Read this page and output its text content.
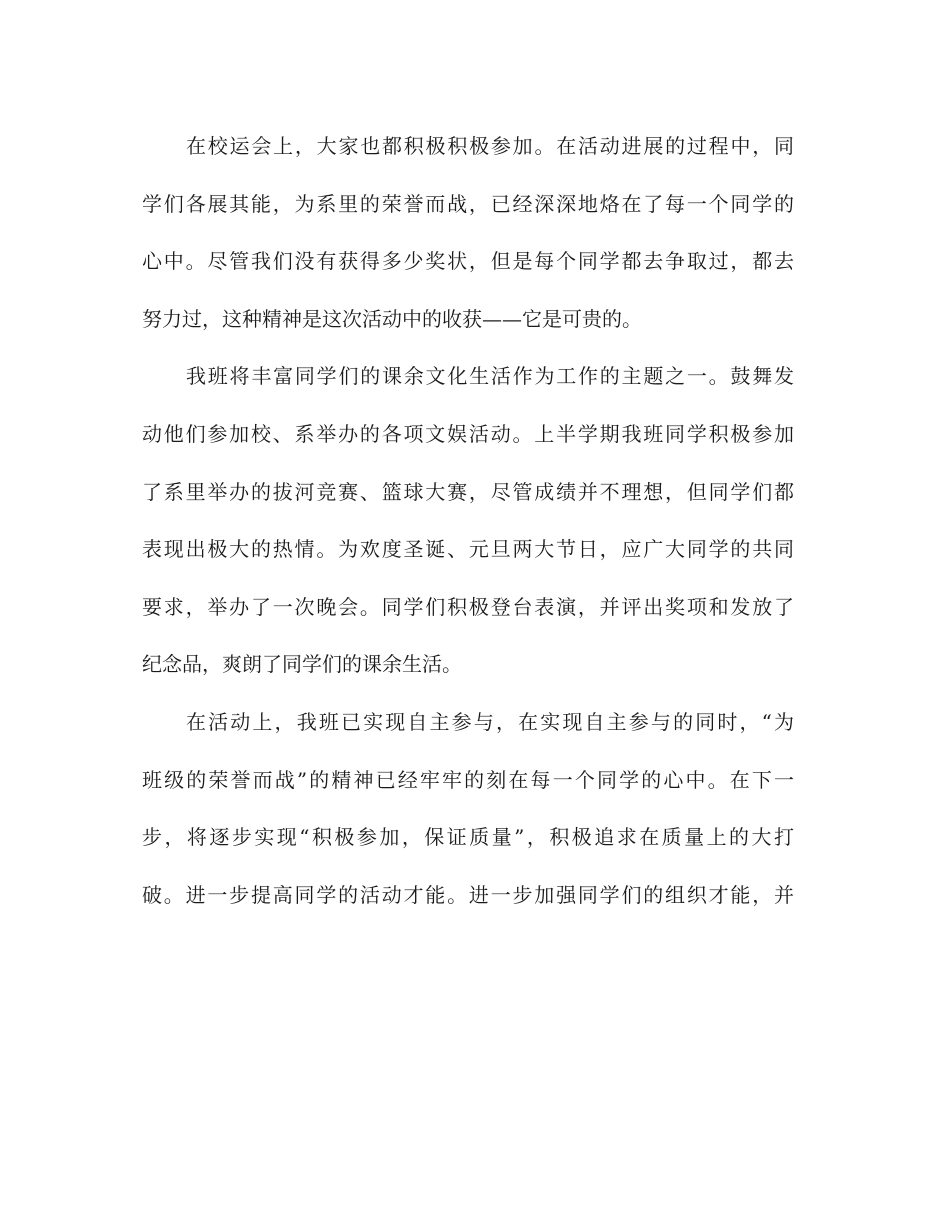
在校运会上，大家也都积极积极参加。在活动进展的过程中，同
学们各展其能，为系里的荣誉而战，已经深深地烙在了每一个同学的
心中。尽管我们没有获得多少奖状，但是每个同学都去争取过，都去
努力过，这种精神是这次活动中的收获——它是可贵的。
我班将丰富同学们的课余文化生活作为工作的主题之一。鼓舞发
动他们参加校、系举办的各项文娱活动。上半学期我班同学积极参加
了系里举办的拔河竞赛、篮球大赛，尽管成绩并不理想，但同学们都
表现出极大的热情。为欢度圣诞、元旦两大节日，应广大同学的共同
要求，举办了一次晚会。同学们积极登台表演，并评出奖项和发放了
纪念品，爽朗了同学们的课余生活。
在活动上，我班已实现自主参与，在实现自主参与的同时，“为
班级的荣誉而战”的精神已经牢牢的刻在每一个同学的心中。在下一
步，将逐步实现“积极参加，保证质量”，积极追求在质量上的大打
破。进一步提高同学的活动才能。进一步加强同学们的组织才能，并
